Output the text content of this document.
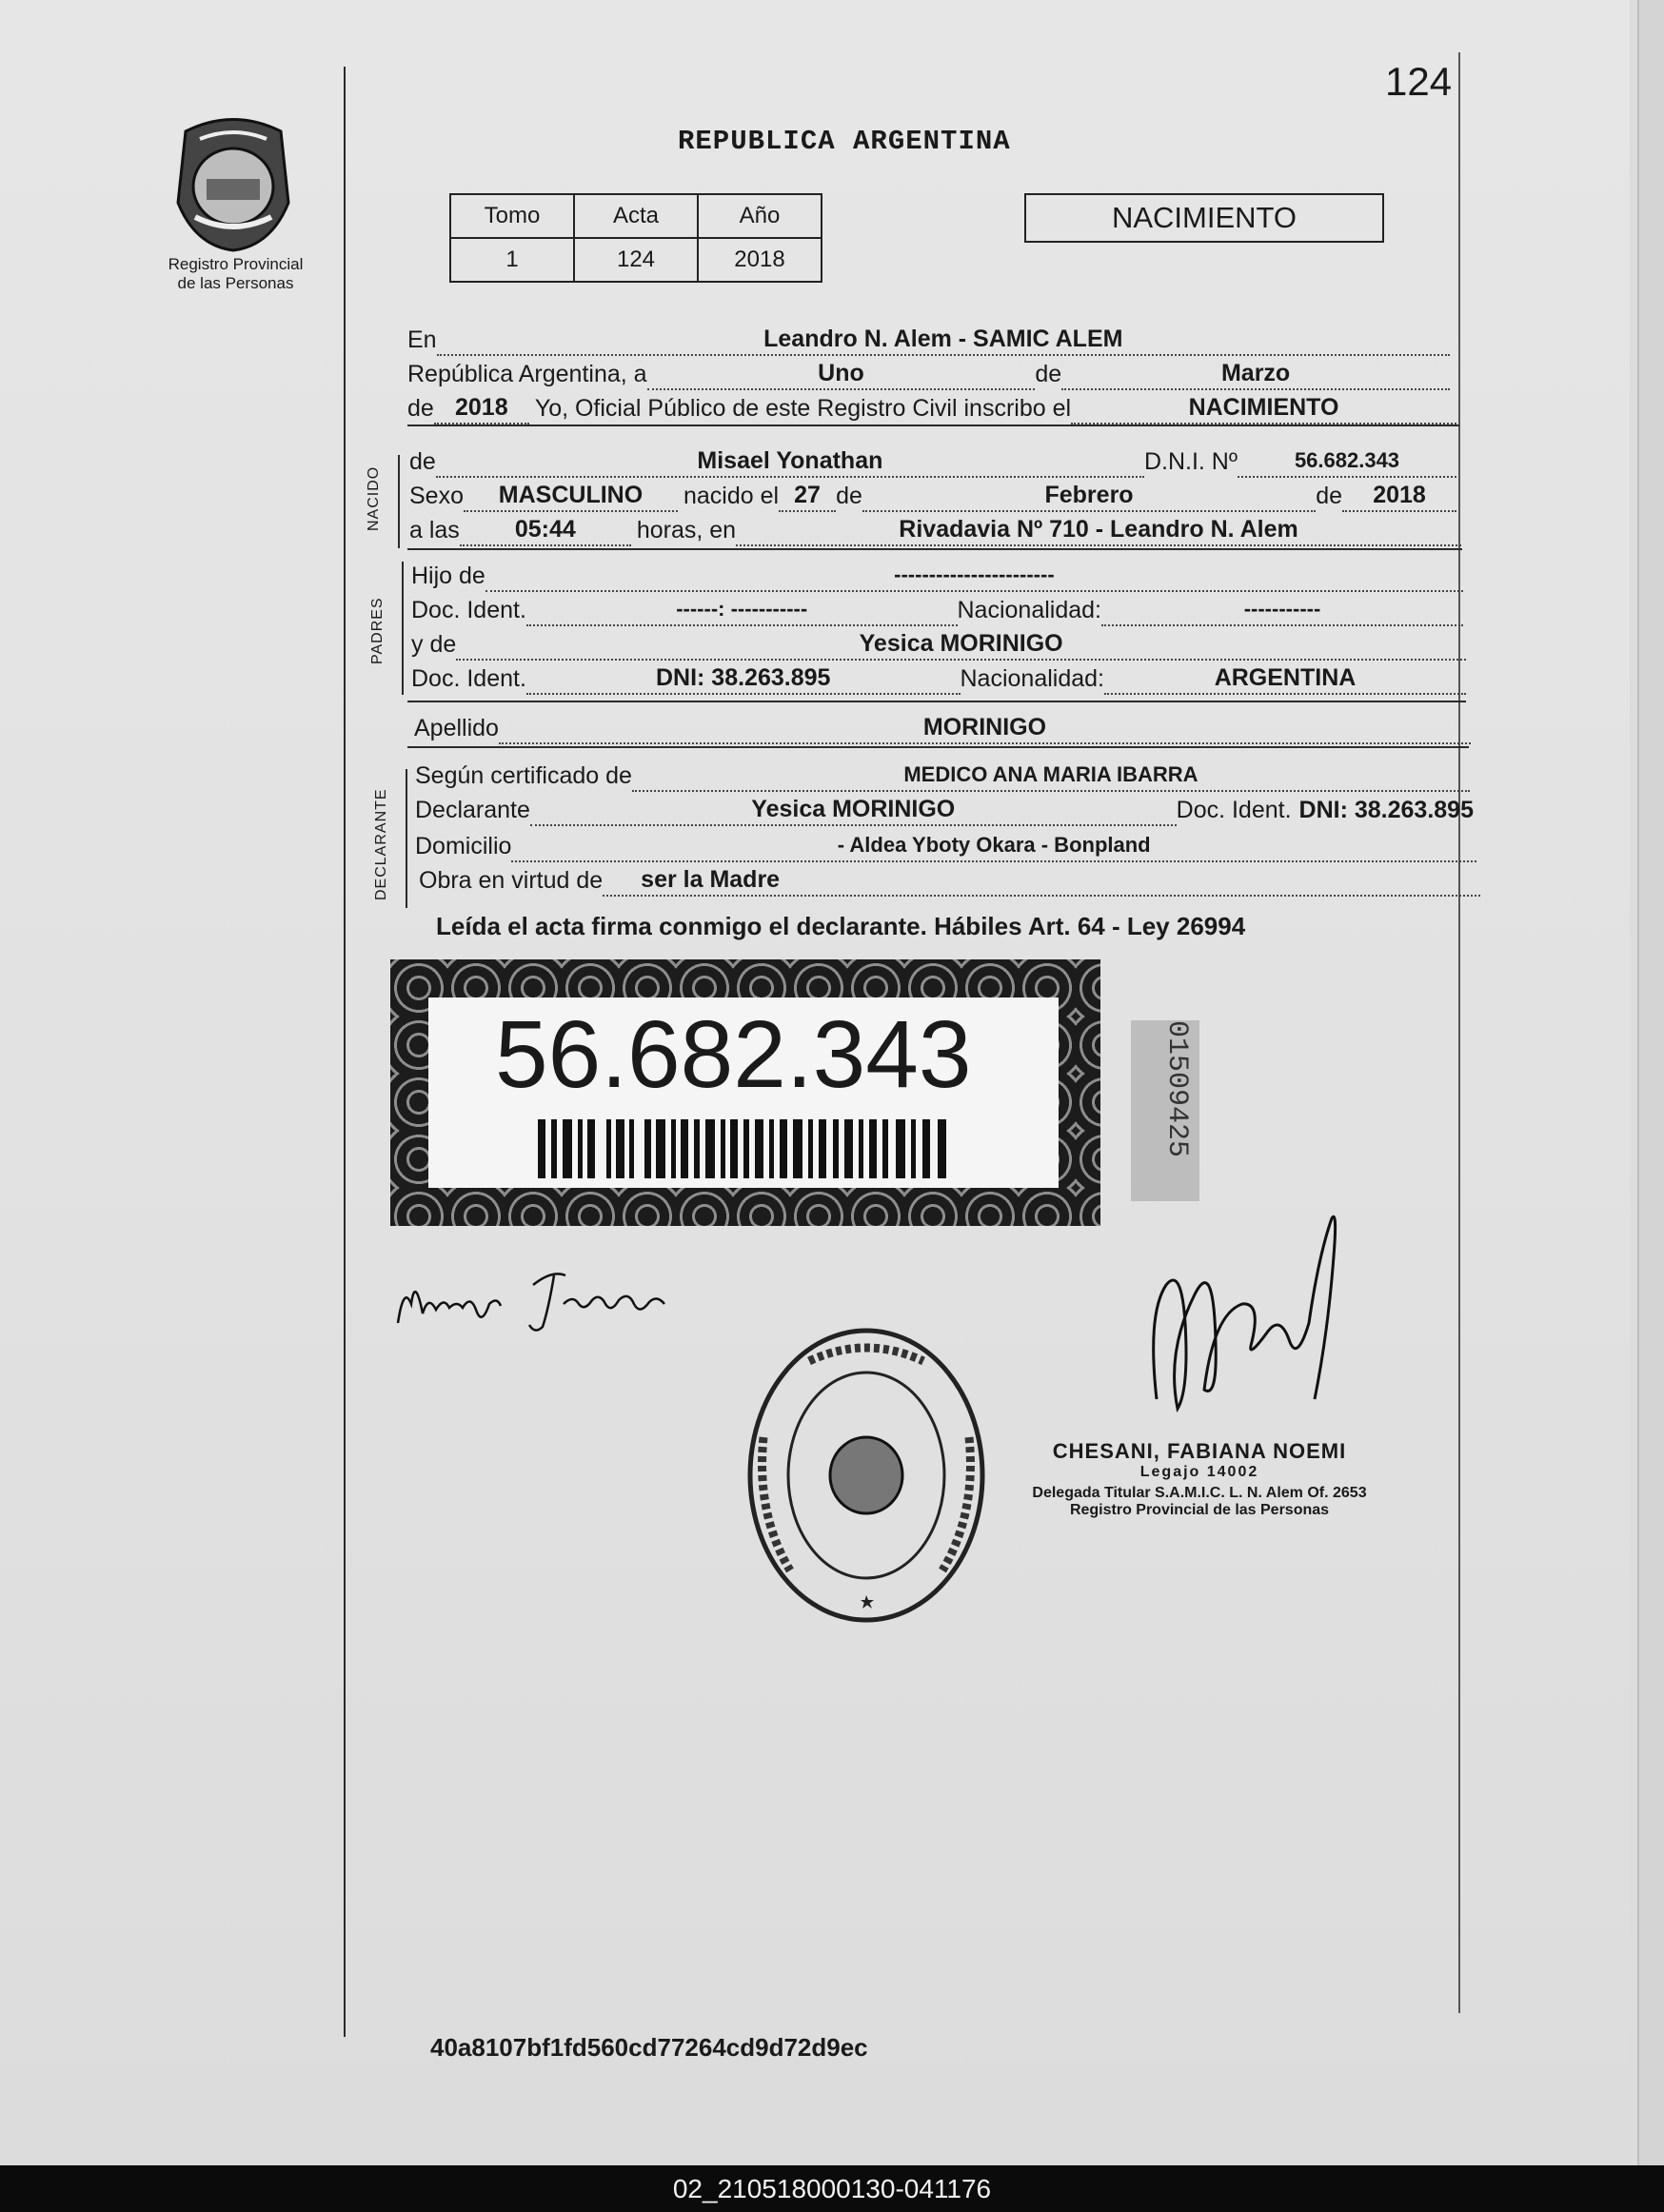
124
Registro Provincial
de las Personas
REPUBLICA ARGENTINA
Tomo	Acta	Año
1	124	2018
NACIMIENTO
En	Leandro N. Alem - SAMIC ALEM
República Argentina, a	Uno	de	Marzo
de 2018	Yo, Oficial Público de este Registro Civil inscribo el	NACIMIENTO
NACIDO
de	Misael Yonathan	D.N.I. Nº	56.682.343
Sexo	MASCULINO	nacido el 27 de	Febrero	de	2018
a las	05:44	horas, en	Rivadavia Nº 710 - Leandro N. Alem
PADRES
Hijo de	-----------------------
Doc. Ident.	------: -----------	Nacionalidad:	-----------
y de	Yesica MORINIGO
Doc. Ident.	DNI: 38.263.895	Nacionalidad:	ARGENTINA
Apellido	MORINIGO
DECLARANTE
Según certificado de	MEDICO ANA MARIA IBARRA
Declarante	Yesica MORINIGO	Doc. Ident. DNI: 38.263.895
Domicilio	- Aldea Yboty Okara - Bonpland
Obra en virtud de	ser la Madre
Leída el acta firma conmigo el declarante. Hábiles Art. 64 - Ley 26994
56.682.343	01509425
CHESANI, FABIANA NOEMI
Legajo 14002
Delegada Titular S.A.M.I.C. L. N. Alem Of. 2653
Registro Provincial de las Personas
40a8107bf1fd560cd77264cd9d72d9ec
02_210518000130-041176
